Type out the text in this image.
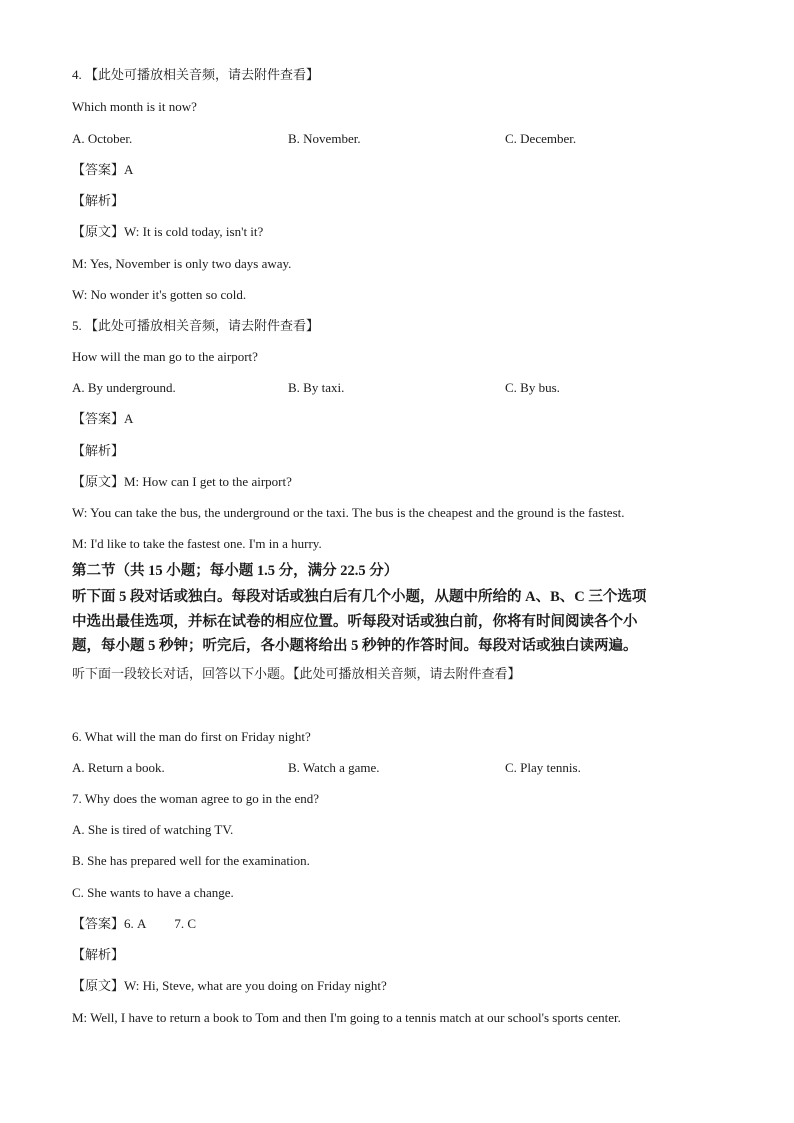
4. 【此处可播放相关音频，请去附件查看】
Which month is it now?
A. October.	B. November.	C. December.
【答案】A
【解析】
【原文】W: It is cold today, isn't it?
M: Yes, November is only two days away.
W: No wonder it's gotten so cold.
5. 【此处可播放相关音频，请去附件查看】
How will the man go to the airport?
A. By underground.	B. By taxi.	C. By bus.
【答案】A
【解析】
【原文】M: How can I get to the airport?
W: You can take the bus, the underground or the taxi. The bus is the cheapest and the ground is the fastest.
M: I'd like to take the fastest one. I'm in a hurry.
第二节（共 15 小题；每小题 1.5 分，满分 22.5 分）
听下面 5 段对话或独白。每段对话或独白后有几个小题，从题中所给的 A、B、C 三个选项
中选出最佳选项，并标在试卷的相应位置。听每段对话或独白前，你将有时间阅读各个小
题，每小题 5 秒钟；听完后，各小题将给出 5 秒钟的作答时间。每段对话或独白读两遍。
听下面一段较长对话，回答以下小题。【此处可播放相关音频，请去附件查看】
6. What will the man do first on Friday night?
A. Return a book.	B. Watch a game.	C. Play tennis.
7. Why does the woman agree to go in the end?
A. She is tired of watching TV.
B. She has prepared well for the examination.
C. She wants to have a change.
【答案】6. A 7. C
【解析】
【原文】W: Hi, Steve, what are you doing on Friday night?
M: Well, I have to return a book to Tom and then I'm going to a tennis match at our school's sports center.
